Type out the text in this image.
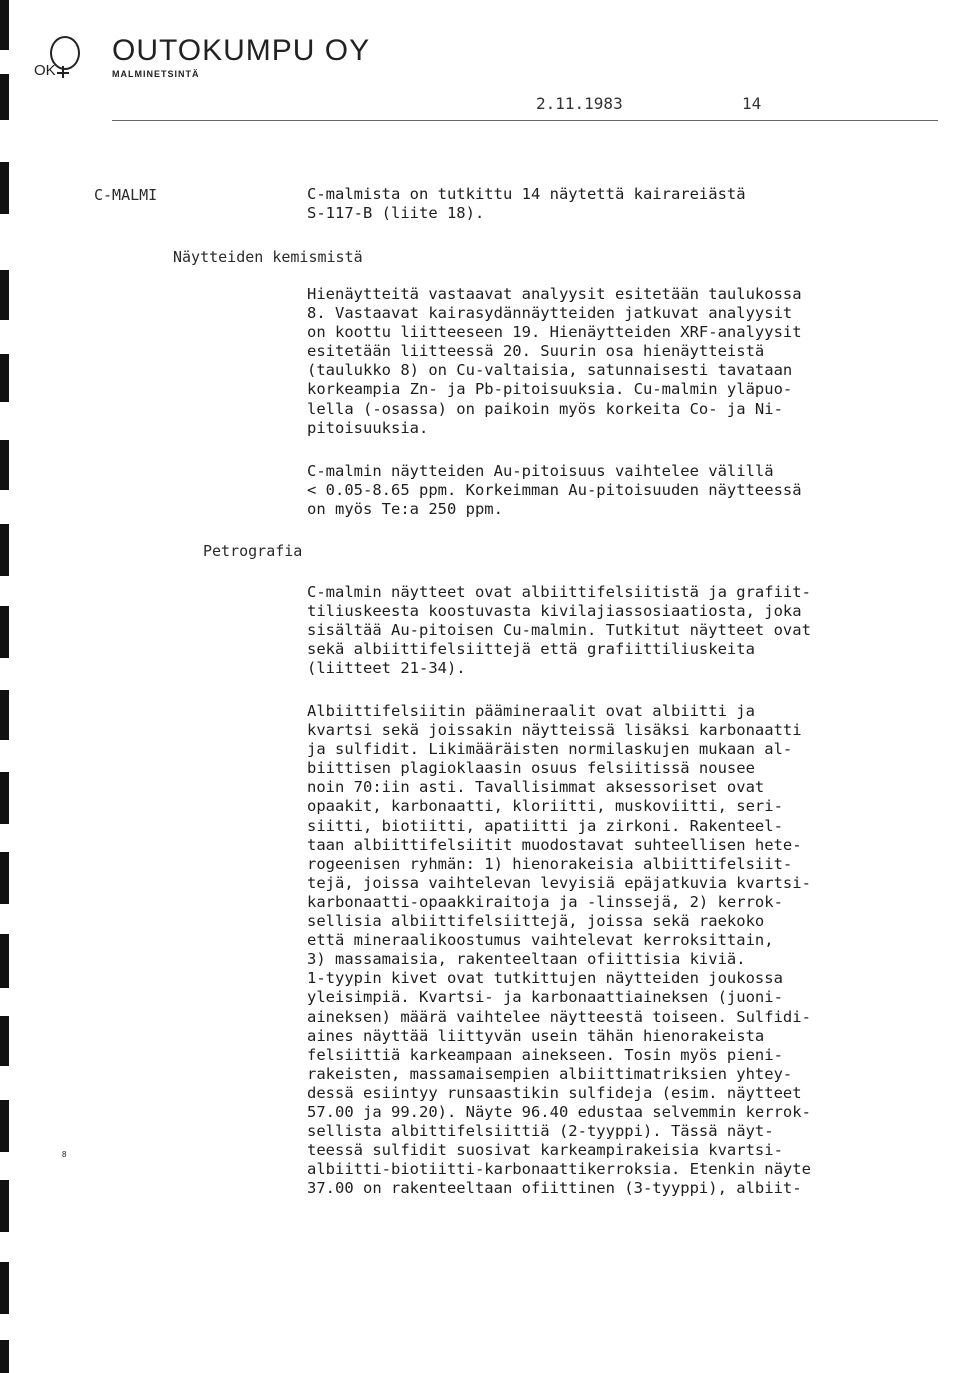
OK
OUTOKUMPU OY
MALMINETSINTÄ
2.11.1983	14
C-MALMI
Näytteiden kemismistä
Petrografia
C-malmista on tutkittu 14 näytettä kairareiästä
S-117-B (liite 18).
Hienäytteitä vastaavat analyysit esitetään taulukossa
8. Vastaavat kairasydännäytteiden jatkuvat analyysit
on koottu liitteeseen 19. Hienäytteiden XRF-analyysit
esitetään liitteessä 20. Suurin osa hienäytteistä
(taulukko 8) on Cu-valtaisia, satunnaisesti tavataan
korkeampia Zn- ja Pb-pitoisuuksia. Cu-malmin yläpuo-
lella (-osassa) on paikoin myös korkeita Co- ja Ni-
pitoisuuksia.
C-malmin näytteiden Au-pitoisuus vaihtelee välillä
< 0.05-8.65 ppm. Korkeimman Au-pitoisuuden näytteessä
on myös Te:a 250 ppm.
C-malmin näytteet ovat albiittifelsiitistä ja grafiit-
tiliuskeesta koostuvasta kivilajiassosiaatiosta, joka
sisältää Au-pitoisen Cu-malmin. Tutkitut näytteet ovat
sekä albiittifelsiittejä että grafiittiliuskeita
(liitteet 21-34).
Albiittifelsiitin päämineraalit ovat albiitti ja
kvartsi sekä joissakin näytteissä lisäksi karbonaatti
ja sulfidit. Likimääräisten normilaskujen mukaan al-
biittisen plagioklaasin osuus felsiitissä nousee
noin 70:iin asti. Tavallisimmat aksessoriset ovat
opaakit, karbonaatti, kloriitti, muskoviitti, seri-
siitti, biotiitti, apatiitti ja zirkoni. Rakenteel-
taan albiittifelsiitit muodostavat suhteellisen hete-
rogeenisen ryhmän: 1) hienorakeisia albiittifelsiit-
tejä, joissa vaihtelevan levyisiä epäjatkuvia kvartsi-
karbonaatti-opaakkiraitoja ja -linssejä, 2) kerrok-
sellisia albiittifelsiittejä, joissa sekä raekoko
että mineraalikoostumus vaihtelevat kerroksittain,
3) massamaisia, rakenteeltaan ofiittisia kiviä.
1-tyypin kivet ovat tutkittujen näytteiden joukossa
yleisimpiä. Kvartsi- ja karbonaattiaineksen (juoni-
aineksen) määrä vaihtelee näytteestä toiseen. Sulfidi-
aines näyttää liittyvän usein tähän hienorakeista
felsiittiä karkeampaan ainekseen. Tosin myös pieni-
rakeisten, massamaisempien albiittimatriksien yhtey-
dessä esiintyy runsaastikin sulfideja (esim. näytteet
57.00 ja 99.20). Näyte 96.40 edustaa selvemmin kerrok-
sellista albittifelsiittiä (2-tyyppi). Tässä näyt-
teessä sulfidit suosivat karkeampirakeisia kvartsi-
albiitti-biotiitti-karbonaattikerroksia. Etenkin näyte
37.00 on rakenteeltaan ofiittinen (3-tyyppi), albiit-
8
